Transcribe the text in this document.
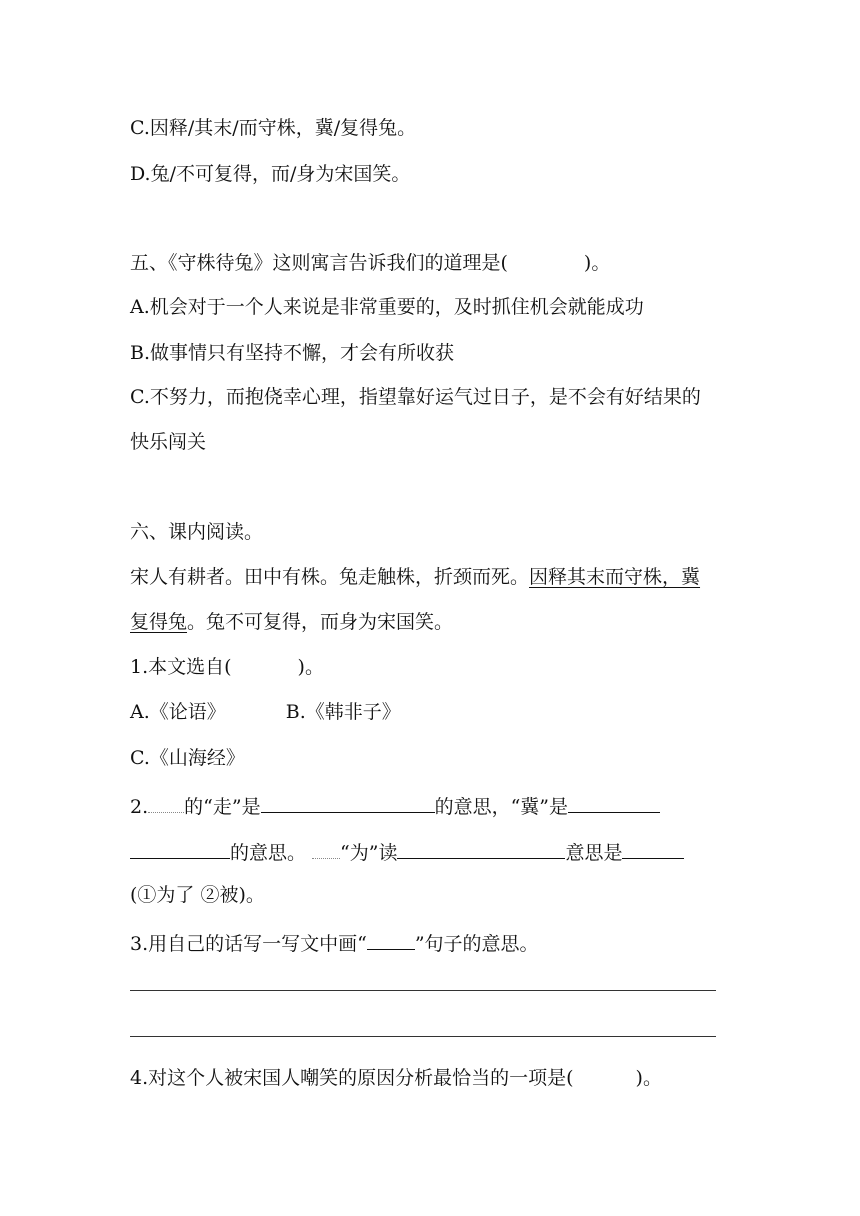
C.因释/其末/而守株，冀/复得兔。
D.兔/不可复得，而/身为宋国笑。
五、《守株待兔》这则寓言告诉我们的道理是(	)。
A.机会对于一个人来说是非常重要的，及时抓住机会就能成功
B.做事情只有坚持不懈，才会有所收获
C.不努力，而抱侥幸心理，指望靠好运气过日子，是不会有好结果的
快乐闯关
六、课内阅读。
宋人有耕者。田中有株。兔走触株，折颈而死。因释其末而守株，冀
复得兔。兔不可复得，而身为宋国笑。
1.本文选自(	)。
A.《论语》	B.《韩非子》
C.《山海经》
2. 的“走”是	的意思，“冀”是
的意思。 “为”读	意思是
(①为了 ②被)。
3.用自己的话写一写文中画“	”句子的意思。
4.对这个人被宋国人嘲笑的原因分析最恰当的一项是(	)。
